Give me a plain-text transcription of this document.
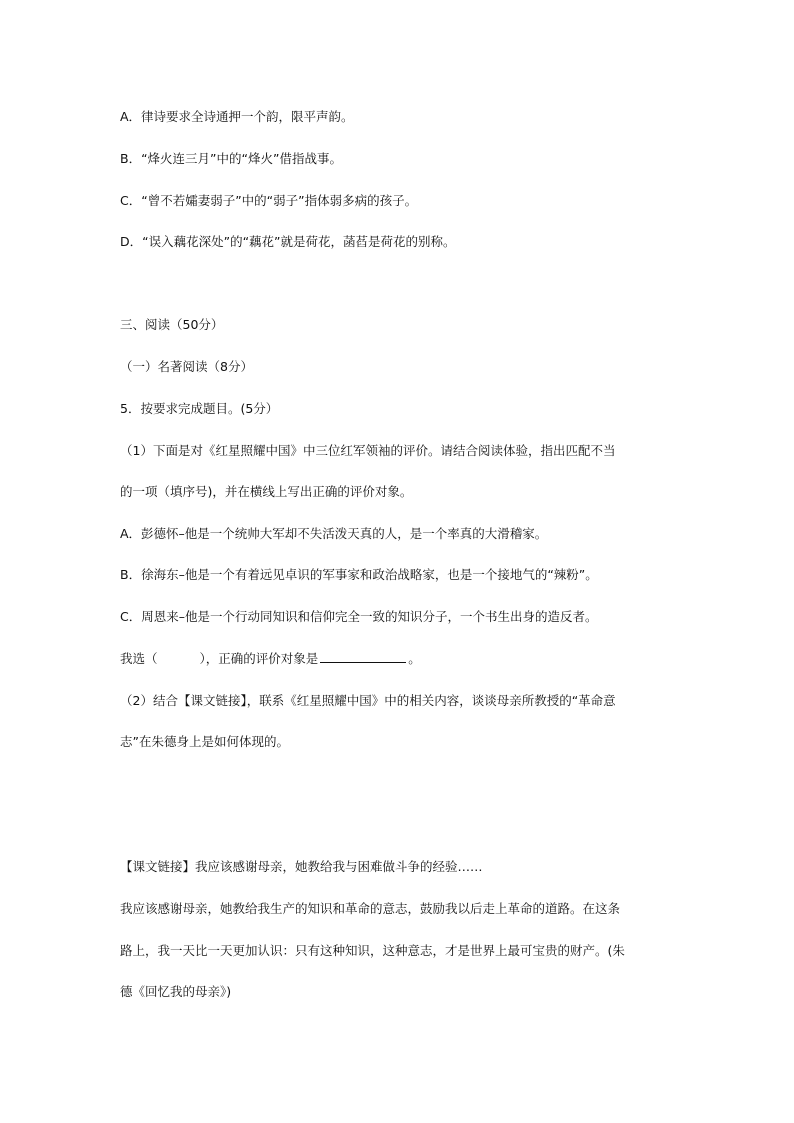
A．律诗要求全诗通押一个韵，限平声韵。
B．“烽火连三月”中的“烽火”借指战事。
C．“曾不若孀妻弱子”中的“弱子”指体弱多病的孩子。
D．“误入藕花深处”的“藕花”就是荷花，菡萏是荷花的别称。
三、阅读（50分）
（一）名著阅读（8分）
5．按要求完成题目。(5分）
（1）下面是对《红星照耀中国》中三位红军领袖的评价。请结合阅读体验，指出匹配不当
的一项（填序号)，并在横线上写出正确的评价对象。
A．彭德怀–他是一个统帅大军却不失活泼天真的人，是一个率真的大滑稽家。
B．徐海东–他是一个有着远见卓识的军事家和政治战略家，也是一个接地气的“辣粉”。
C．周恩来–他是一个行动同知识和信仰完全一致的知识分子，一个书生出身的造反者。
我选（	），正确的评价对象是	。
（2）结合【课文链接】，联系《红星照耀中国》中的相关内容，谈谈母亲所教授的“革命意
志”在朱德身上是如何体现的。
【课文链接】我应该感谢母亲，她教给我与困难做斗争的经验……
我应该感谢母亲，她教给我生产的知识和革命的意志，鼓励我以后走上革命的道路。在这条
路上，我一天比一天更加认识：只有这种知识，这种意志，才是世界上最可宝贵的财产。(朱
德《回忆我的母亲》)
